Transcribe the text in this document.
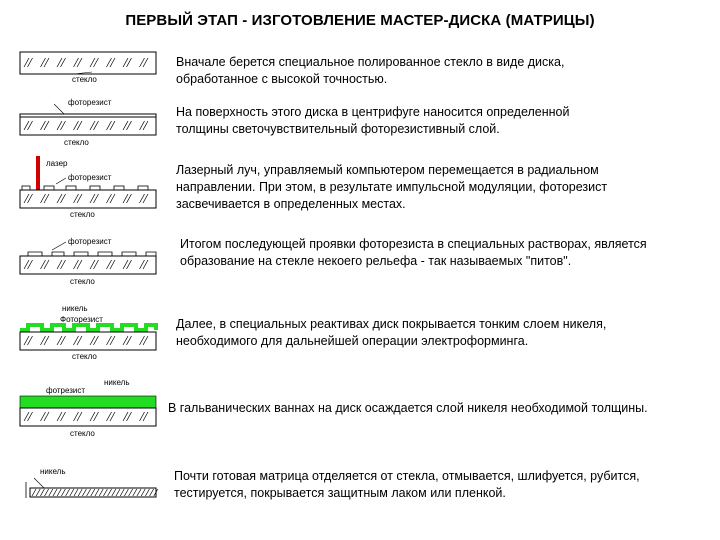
ПЕРВЫЙ ЭТАП - ИЗГОТОВЛЕНИЕ МАСТЕР-ДИСКА (МАТРИЦЫ)
стекло
Вначале берется специальное полированное стекло в виде диска,
обработанное с высокой точностью.
фоторезист
стекло
На поверхность этого диска в центрифуге наносится определенной
толщины светочувствительный фоторезистивный слой.
лазер
фоторезист
стекло
Лазерный луч, управляемый компьютером перемещается в радиальном
направлении. При этом, в результате импульсной модуляции, фоторезист
засвечивается в определенных местах.
фоторезист
стекло
Итогом последующей проявки фоторезиста в специальных растворах, является
образование на стекле некоего рельефа - так называемых "питов".
никель
Фоторезист
стекло
Далее, в специальных реактивах диск покрывается тонким слоем никеля,
необходимого для дальнейшей операции электроформинга.
никель
фотрезист
стекло
В гальванических ваннах на диск осаждается слой никеля необходимой толщины.
никель	Почти готовая матрица отделяется от стекла, отмывается, шлифуется, рубится,
тестируется, покрывается защитным лаком или пленкой.
